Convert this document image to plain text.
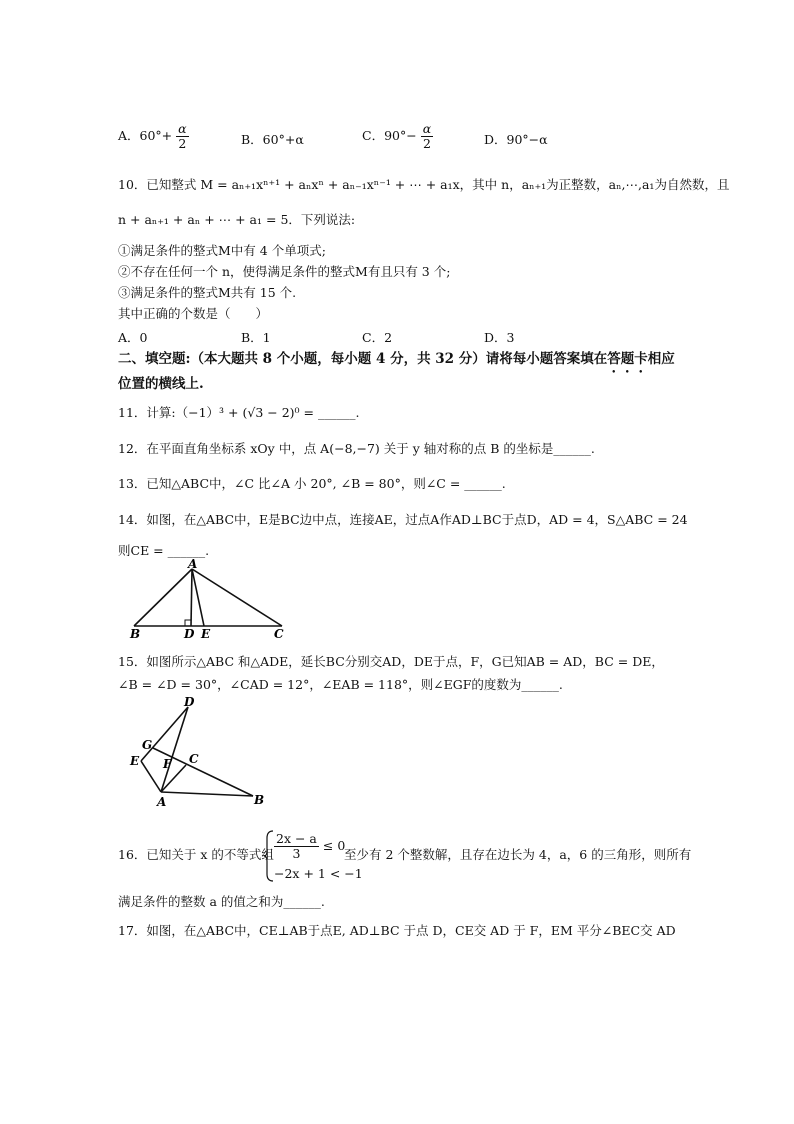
A．$60^\circ+ \frac{\alpha}{2}$	B．60°+α	C．$90^\circ- \frac{\alpha}{2}$	D．90°−α
10．已知整式 M = aₙ₊₁xⁿ⁺¹ + aₙxⁿ + aₙ₋₁xⁿ⁻¹ + ⋯ + a₁x，其中 n，aₙ₊₁为正整数，aₙ,⋯,a₁为自然数，且
n + aₙ₊₁ + aₙ + ⋯ + a₁ = 5．下列说法:
①满足条件的整式M中有 4 个单项式;
②不存在任何一个 n，使得满足条件的整式M有且只有 3 个;
③满足条件的整式M共有 15 个.
其中正确的个数是（　　）
A．0	B．1	C．2	D．3
二、填空题:（本大题共 8 个小题，每小题 4 分，共 32 分）请将每小题答案填在答题卡相应
位置的横线上.
11．计算:（−1）³ + (√3 − 2)⁰ = ______.
12．在平面直角坐标系 xOy 中，点 A(−8,−7) 关于 y 轴对称的点 B 的坐标是______.
13．已知△ABC中，∠C 比∠A 小 20°, ∠B = 80°，则∠C = ______.
14．如图，在△ABC中，E是BC边中点，连接AE，过点A作AD⊥BC于点D，AD = 4，S△ABC = 24
则CE = ______.
A
B	D E	C
15．如图所示△ABC 和△ADE，延长BC分别交AD，DE于点，F，G已知AB = AD，BC = DE，
∠B = ∠D = 30°，∠CAD = 12°，∠EAB = 118°，则∠EGF的度数为______.
D
G
E F C
A	B
16．已知关于 x 的不等式组 $\frac{2x - a}{3} \le 0$
−2x + 1 < −1
至少有 2 个整数解，且存在边长为 4，a，6 的三角形，则所有
满足条件的整数 a 的值之和为______.
17．如图，在△ABC中，CE⊥AB于点E, AD⊥BC 于点 D，CE交 AD 于 F，EM 平分∠BEC交 AD
